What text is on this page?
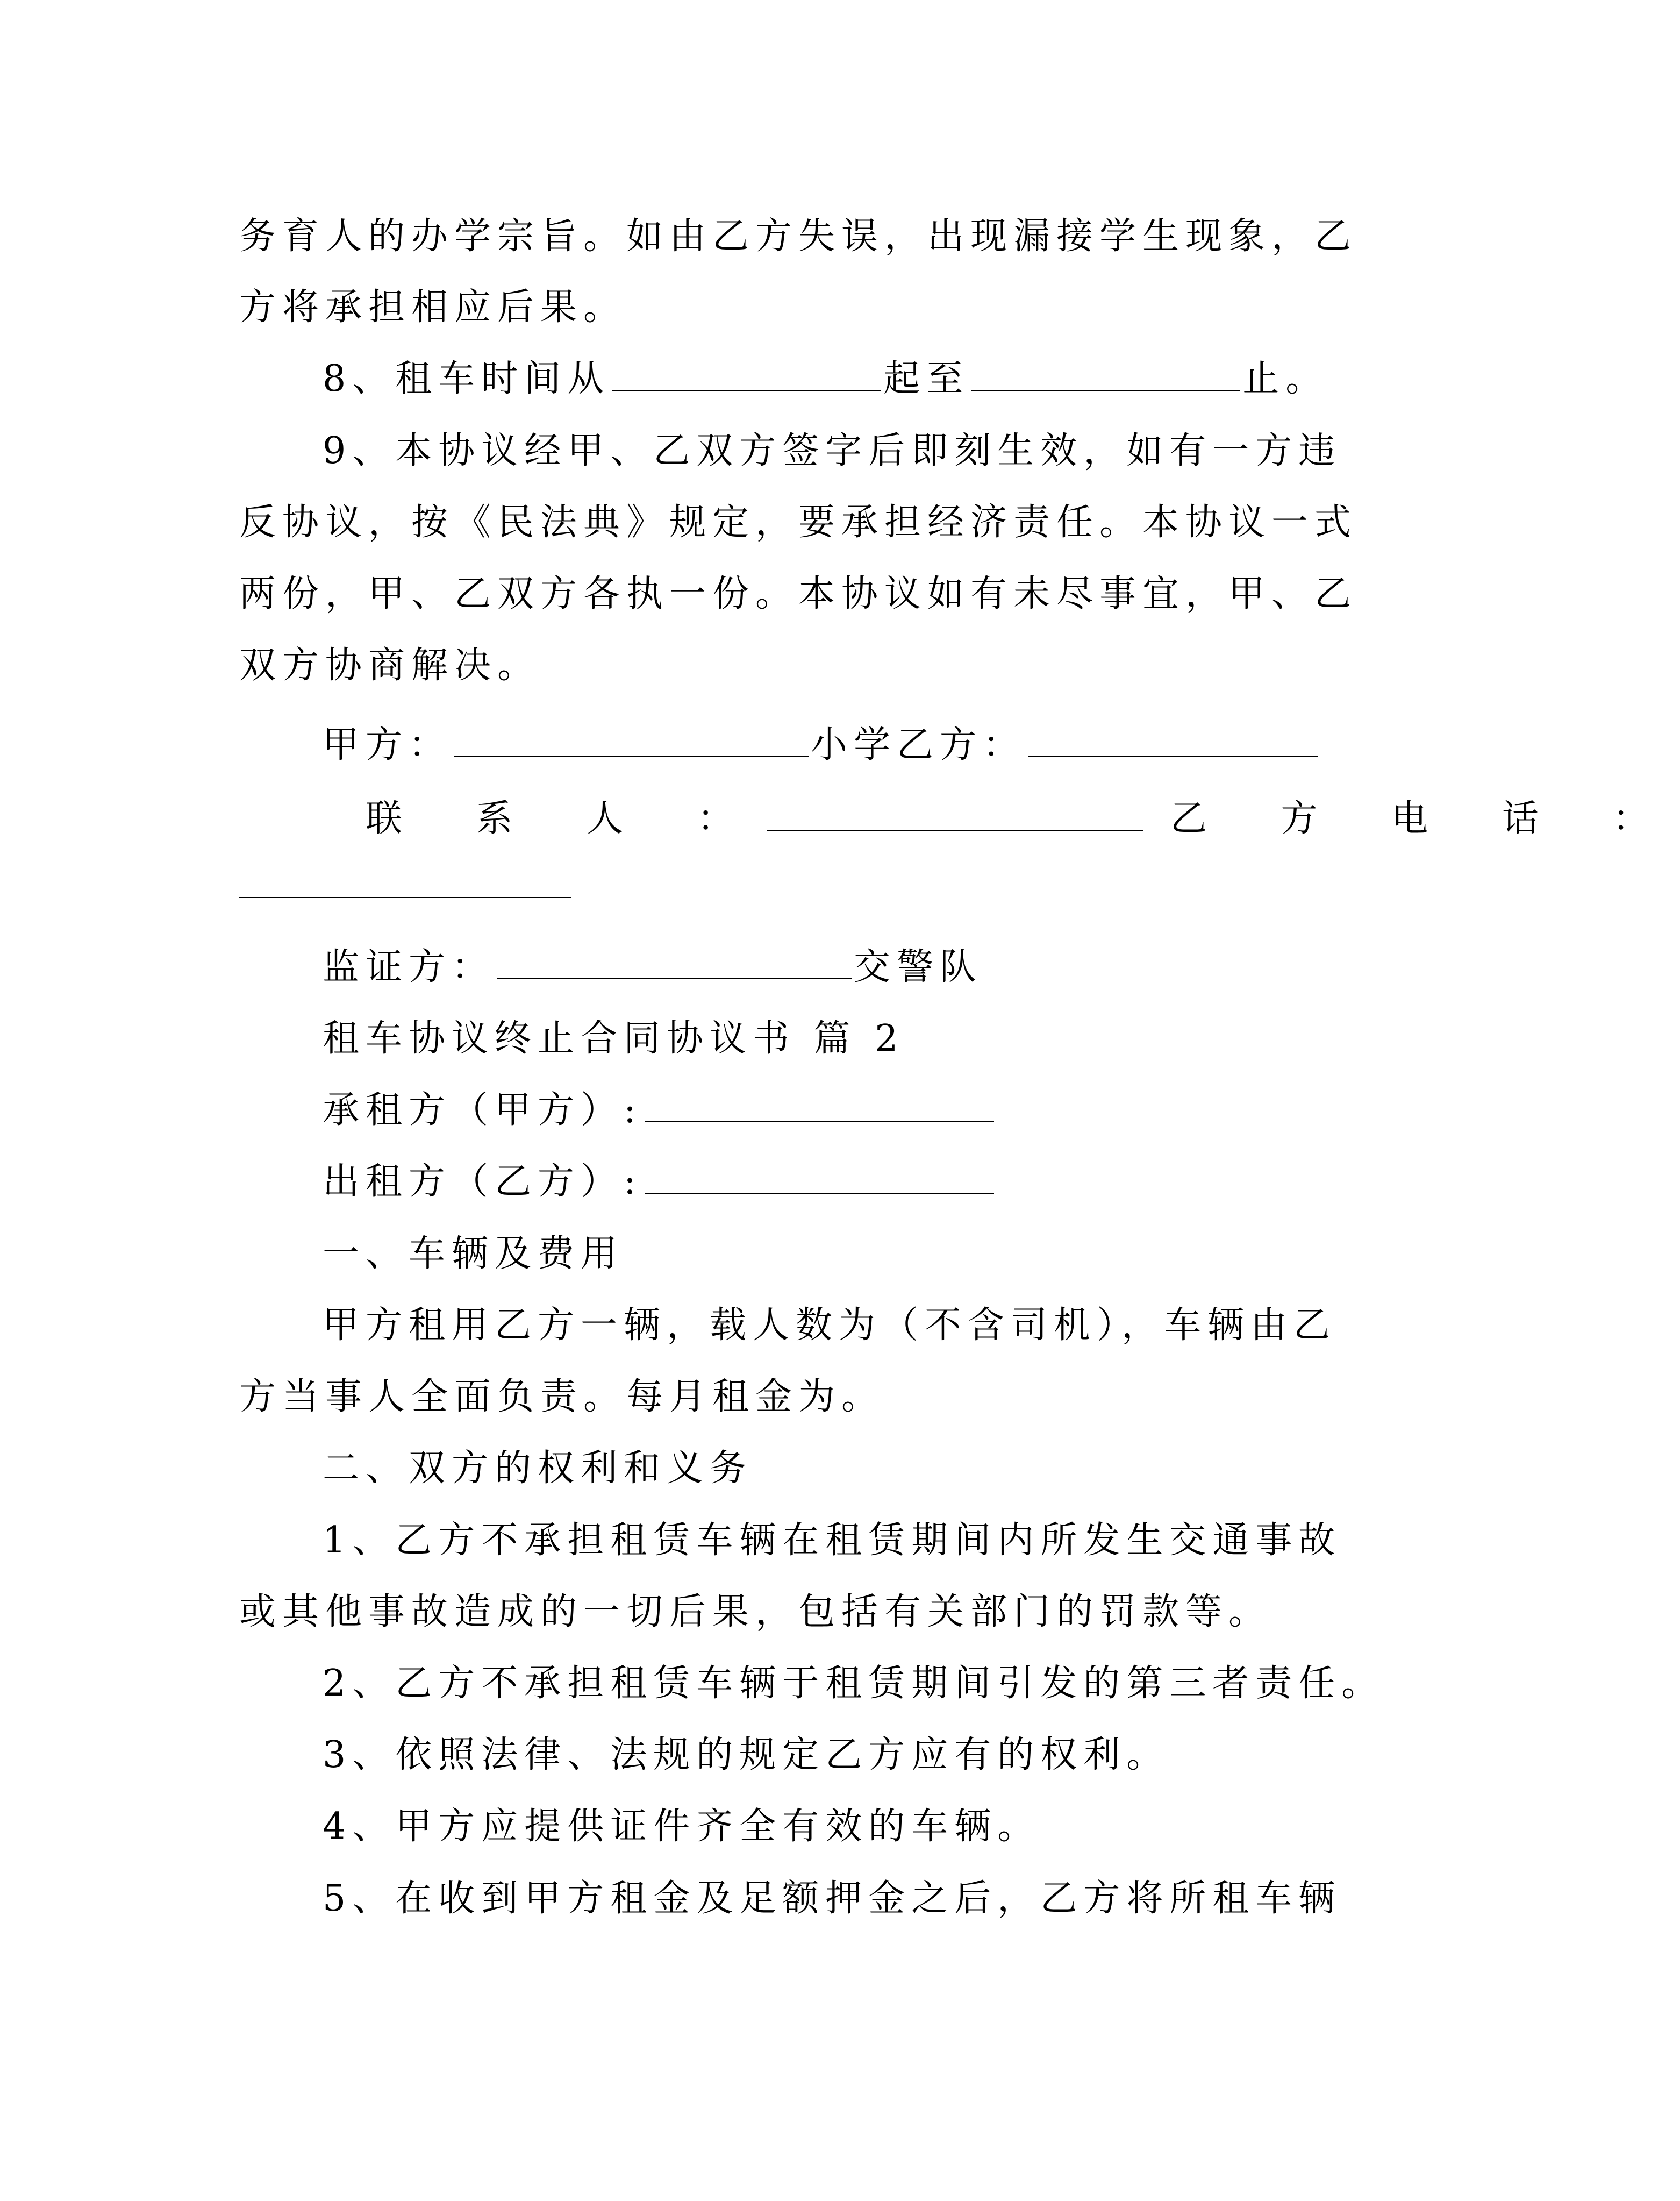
务育人的办学宗旨。如由乙方失误，出现漏接学生现象，乙
方将承担相应后果。
8、租车时间从	起至	止。
9、本协议经甲、乙双方签字后即刻生效，如有一方违
反协议，按《民法典》规定，要承担经济责任。本协议一式
两份，甲、乙双方各执一份。本协议如有未尽事宜，甲、乙
双方协商解决。
甲方：	小学乙方：
联 系 人 ：	乙 方 电 话 ：
监证方：	交警队
租车协议终止合同协议书 篇 2
承租方（甲方）:
出租方（乙方）:
一、车辆及费用
甲方租用乙方一辆，载人数为（不含司机），车辆由乙
方当事人全面负责。每月租金为。
二、双方的权利和义务
1、乙方不承担租赁车辆在租赁期间内所发生交通事故
或其他事故造成的一切后果，包括有关部门的罚款等。
2、乙方不承担租赁车辆于租赁期间引发的第三者责任。
3、依照法律、法规的规定乙方应有的权利。
4、甲方应提供证件齐全有效的车辆。
5、在收到甲方租金及足额押金之后，乙方将所租车辆
